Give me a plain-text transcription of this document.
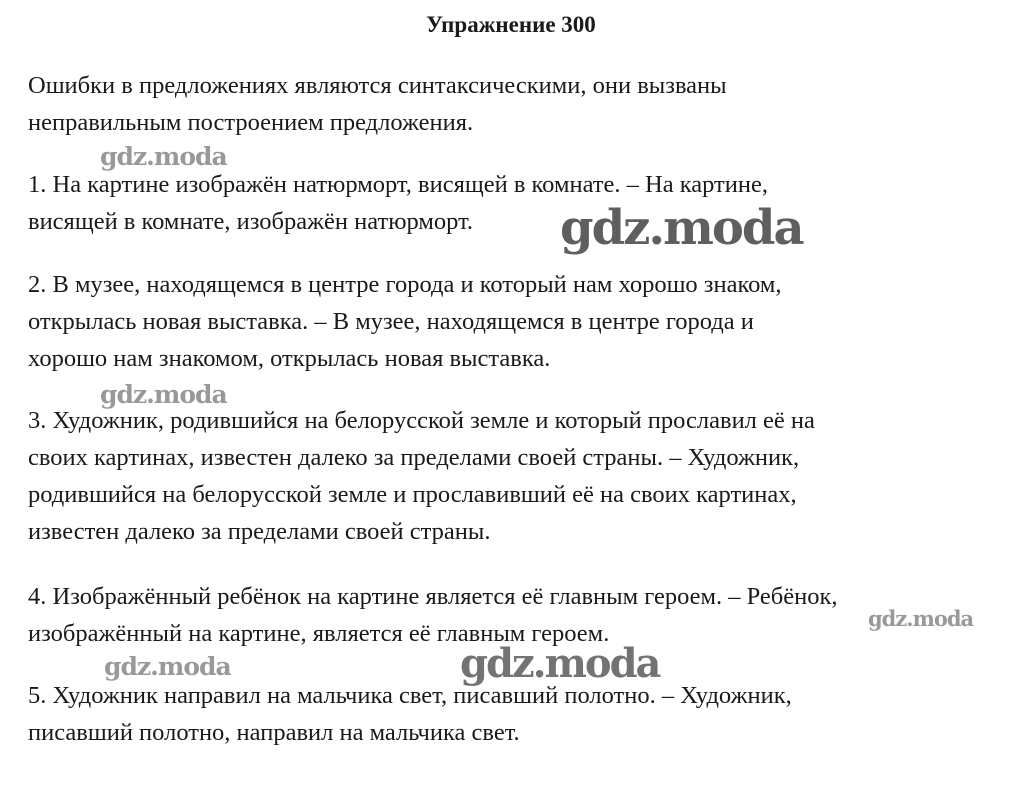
Упражнение 300
Ошибки в предложениях являются синтаксическими, они вызваны
неправильным построением предложения.
1. На картине изображён натюрморт, висящей в комнате. – На картине,
висящей в комнате, изображён натюрморт.
2. В музее, находящемся в центре города и который нам хорошо знаком,
открылась новая выставка. – В музее, находящемся в центре города и
хорошо нам знакомом, открылась новая выставка.
3. Художник, родившийся на белорусской земле и который прославил её на
своих картинах, известен далеко за пределами своей страны. – Художник,
родившийся на белорусской земле и прославивший её на своих картинах,
известен далеко за пределами своей страны.
4. Изображённый ребёнок на картине является её главным героем. – Ребёнок,
изображённый на картине, является её главным героем.
5. Художник направил на мальчика свет, писавший полотно. – Художник,
писавший полотно, направил на мальчика свет.
gdz.moda
gdz.moda
gdz.moda
gdz.moda
gdz.moda	gdz.moda
